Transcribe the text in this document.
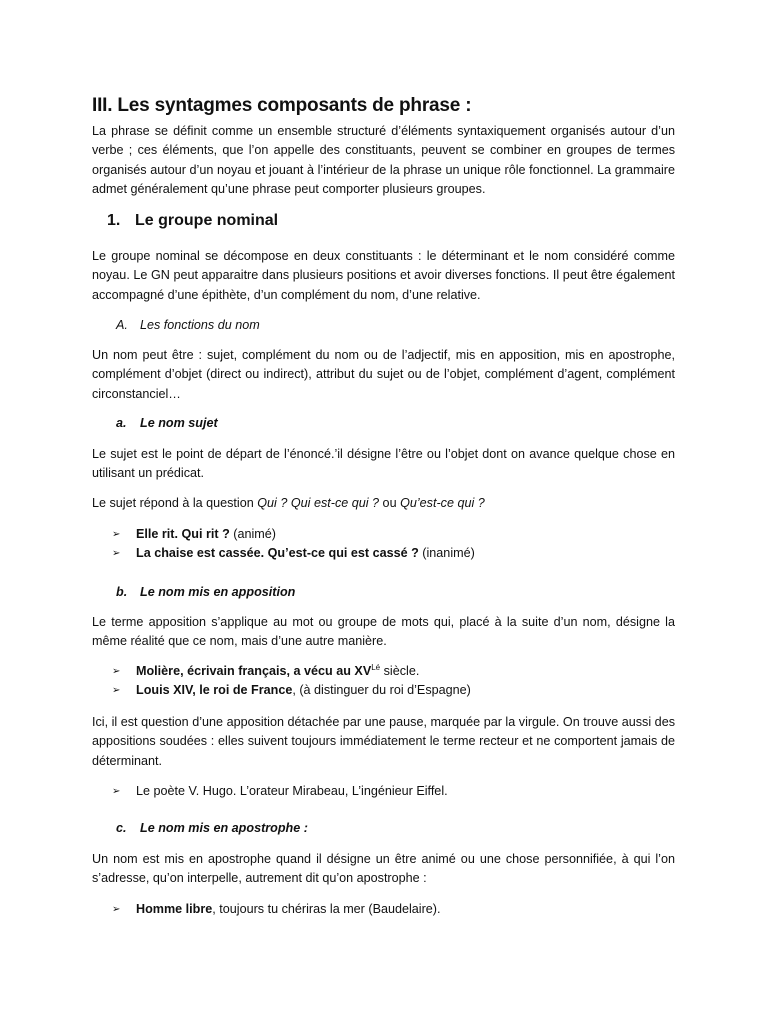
III. Les syntagmes composants de phrase :
La phrase se définit comme un ensemble structuré d’éléments syntaxiquement organisés autour d’un verbe ; ces éléments, que l’on appelle des constituants, peuvent se combiner en groupes de termes organisés autour d’un noyau et jouant à l’intérieur de la phrase un unique rôle fonctionnel. La grammaire admet généralement qu’une phrase peut comporter plusieurs groupes.
1. Le groupe nominal
Le groupe nominal se décompose en deux constituants : le déterminant et le nom considéré comme noyau. Le GN peut apparaitre dans plusieurs positions et avoir diverses fonctions. Il peut être également accompagné d’une épithète, d’un complément du nom, d’une relative.
A. Les fonctions du nom
Un nom peut être : sujet, complément du nom ou de l’adjectif, mis en apposition, mis en apostrophe, complément d’objet (direct ou indirect), attribut du sujet ou de l’objet, complément d’agent, complément circonstanciel…
a. Le nom sujet
Le sujet est le point de départ de l’énoncé.’il désigne l’être ou l’objet dont on avance quelque chose en utilisant un prédicat.
Le sujet répond à la question Qui ? Qui est-ce qui ? ou Qu’est-ce qui ?
➢ Elle rit. Qui rit ? (animé)
➢ La chaise est cassée. Qu’est-ce qui est cassé ? (inanimé)
b. Le nom mis en apposition
Le terme apposition s’applique au mot ou groupe de mots qui, placé à la suite d’un nom, désigne la même réalité que ce nom, mais d’une autre manière.
➢ Molière, écrivain français, a vécu au $XV^{Lé}$ siècle.
➢ Louis XIV, le roi de France, (à distinguer du roi d’Espagne)
Ici, il est question d’une apposition détachée par une pause, marquée par la virgule. On trouve aussi des appositions soudées : elles suivent toujours immédiatement le terme recteur et ne comportent jamais de déterminant.
➢ Le poète V. Hugo. L’orateur Mirabeau, L’ingénieur Eiffel.
c. Le nom mis en apostrophe :
Un nom est mis en apostrophe quand il désigne un être animé ou une chose personnifiée, à qui l’on s’adresse, qu’on interpelle, autrement dit qu’on apostrophe :
➢ Homme libre, toujours tu chériras la mer (Baudelaire).
